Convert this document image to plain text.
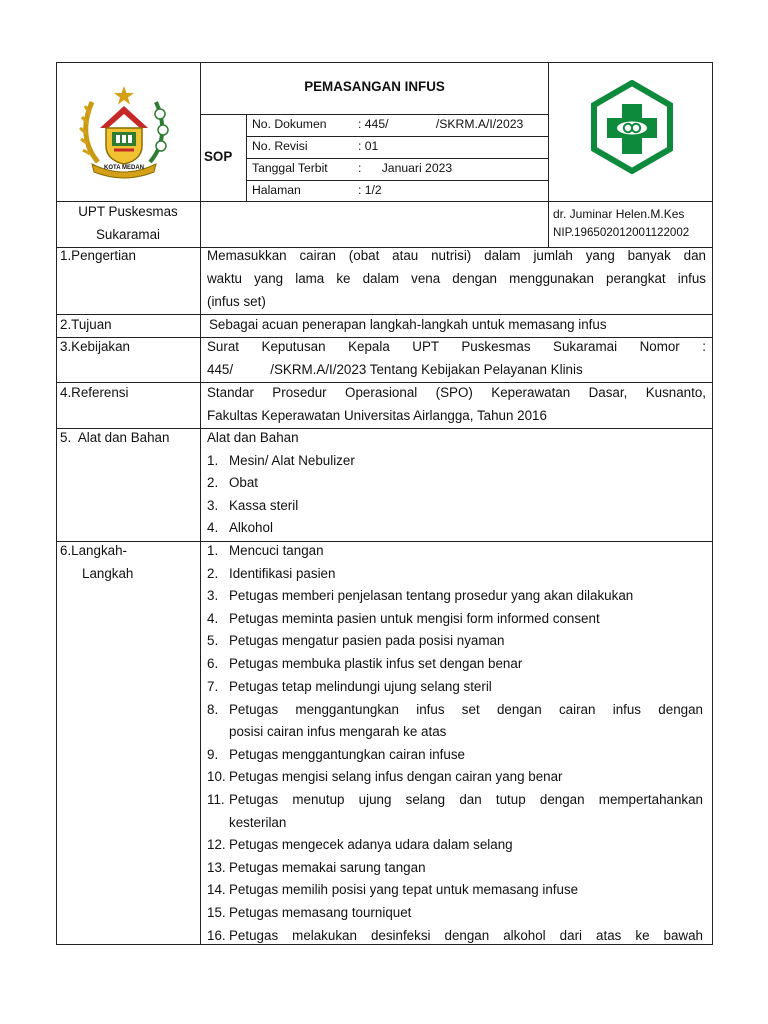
KOTA MEDAN
PEMASANGAN INFUS
SOP
No. Dokumen	: 445/              /SKRM.A/I/2023
No. Revisi	: 01
Tanggal Terbit :      Januari 2023
Halaman	: 1/2
UPT Puskesmas
Sukaramai
dr. Juminar Helen.M.Kes
NIP.196502012001122002
1.Pengertian	Memasukkan cairan (obat atau nutrisi) dalam jumlah yang banyak dan
waktu yang lama ke dalam vena dengan menggunakan perangkat infus
(infus set)
2.Tujuan	Sebagai acuan penerapan langkah-langkah untuk memasang infus
3.Kebijakan	Surat Keputusan Kepala UPT Puskesmas Sukaramai Nomor :
445/          /SKRM.A/I/2023 Tentang Kebijakan Pelayanan Klinis
4.Referensi	Standar Prosedur Operasional (SPO) Keperawatan Dasar, Kusnanto,
Fakultas Keperawatan Universitas Airlangga, Tahun 2016
5.  Alat dan Bahan	Alat dan Bahan
1. Mesin/ Alat Nebulizer
2. Obat
3. Kassa steril
4. Alkohol
6.Langkah-
Langkah
1. Mencuci tangan
2. Identifikasi pasien
3. Petugas memberi penjelasan tentang prosedur yang akan dilakukan
4. Petugas meminta pasien untuk mengisi form informed consent
5. Petugas mengatur pasien pada posisi nyaman
6. Petugas membuka plastik infus set dengan benar
7. Petugas tetap melindungi ujung selang steril
8. Petugas menggantungkan infus set dengan cairan infus dengan
posisi cairan infus mengarah ke atas
9. Petugas menggantungkan cairan infuse
10. Petugas mengisi selang infus dengan cairan yang benar
11. Petugas menutup ujung selang dan tutup dengan mempertahankan
kesterilan
12. Petugas mengecek adanya udara dalam selang
13. Petugas memakai sarung tangan
14. Petugas memilih posisi yang tepat untuk memasang infuse
15. Petugas memasang tourniquet
16. Petugas melakukan desinfeksi dengan alkohol dari atas ke bawah
